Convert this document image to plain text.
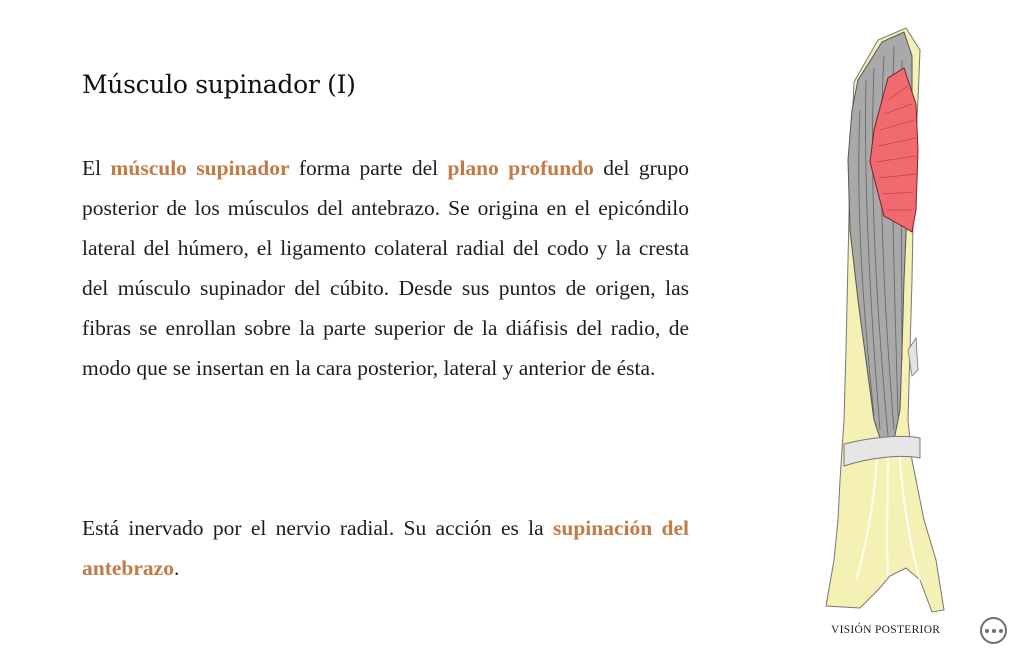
Músculo supinador (I)

El músculo supinador forma parte del plano profundo del grupo posterior de los músculos del antebrazo. Se origina en el epicóndilo lateral del húmero, el ligamento colateral radial del codo y la cresta del músculo supinador del cúbito. Desde sus puntos de origen, las fibras se enrollan sobre la parte superior de la diáfisis del radio, de modo que se insertan en la cara posterior, lateral y anterior de ésta.

Está inervado por el nervio radial. Su acción es la supinación del antebrazo.

VISIÓN POSTERIOR
